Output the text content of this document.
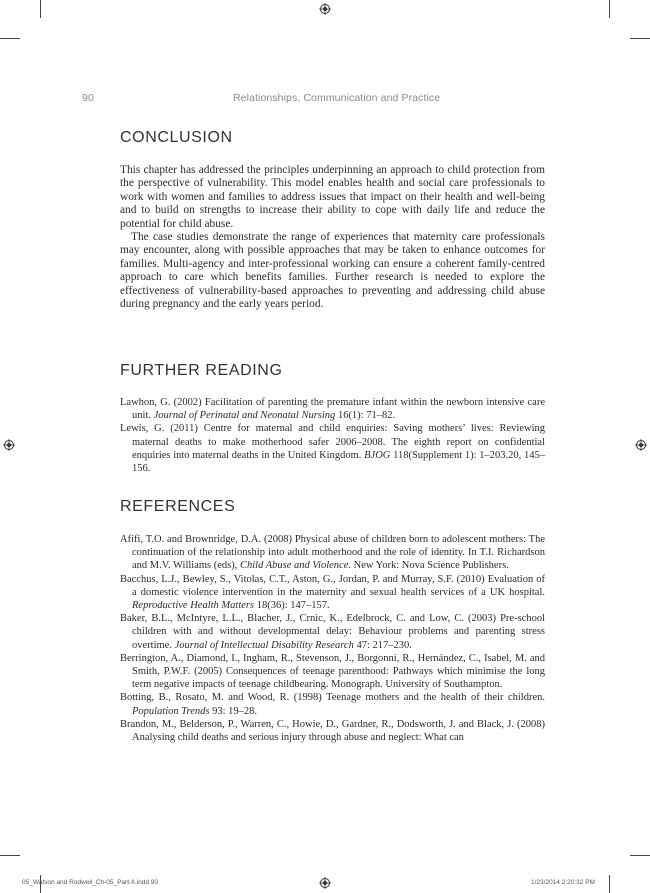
90	Relationships, Communication and Practice
CONCLUSION

This chapter has addressed the principles underpinning an approach to child protection from the perspective of vulnerability. This model enables health and social care professionals to work with women and families to address issues that impact on their health and well-being and to build on strengths to increase their ability to cope with daily life and reduce the potential for child abuse.

The case studies demonstrate the range of experiences that maternity care professionals may encounter, along with possible approaches that may be taken to enhance outcomes for families. Multi-agency and inter-professional working can ensure a coherent family-centred approach to care which benefits families. Further research is needed to explore the effectiveness of vulnerability-based approaches to preventing and addressing child abuse during pregnancy and the early years period.

FURTHER READING

Lawhon, G. (2002) Facilitation of parenting the premature infant within the newborn intensive care unit. Journal of Perinatal and Neonatal Nursing 16(1): 71–82.

Lewis, G. (2011) Centre for maternal and child enquiries: Saving mothers’ lives: Reviewing maternal deaths to make motherhood safer 2006–2008. The eighth report on confidential enquiries into maternal deaths in the United Kingdom. BJOG 118(Supplement 1): 1–203.20, 145–156.

REFERENCES

Afifi, T.O. and Brownridge, D.A. (2008) Physical abuse of children born to adolescent mothers: The continuation of the relationship into adult motherhood and the role of identity. In T.I. Richardson and M.V. Williams (eds), Child Abuse and Violence. New York: Nova Science Publishers.

Bacchus, L.J., Bewley, S., Vitolas, C.T., Aston, G., Jordan, P. and Murray, S.F. (2010) Evaluation of a domestic violence intervention in the maternity and sexual health services of a UK hospital. Reproductive Health Matters 18(36): 147–157.

Baker, B.L., McIntyre, L.L., Blacher, J., Crnic, K., Edelbrock, C. and Low, C. (2003) Pre-school children with and without developmental delay: Behaviour problems and parenting stress overtime. Journal of Intellectual Disability Research 47: 217–230.

Berrington, A., Diamond, I., Ingham, R., Stevenson, J., Borgonni, R., Hernández, C., Isabel, M. and Smith, P.W.F. (2005) Consequences of teenage parenthood: Pathways which minimise the long term negative impacts of teenage childbearing. Monograph. University of Southampton.

Botting, B., Rosato, M. and Wood, R. (1998) Teenage mothers and the health of their children. Population Trends 93: 19–28.

Brandon, M., Belderson, P., Warren, C., Howie, D., Gardner, R., Dodsworth, J. and Black, J. (2008) Analysing child deaths and serious injury through abuse and neglect: What can

05_Watson and Rodwell_Ch-05_Part-II.indd 90	1/23/2014 2:20:32 PM
